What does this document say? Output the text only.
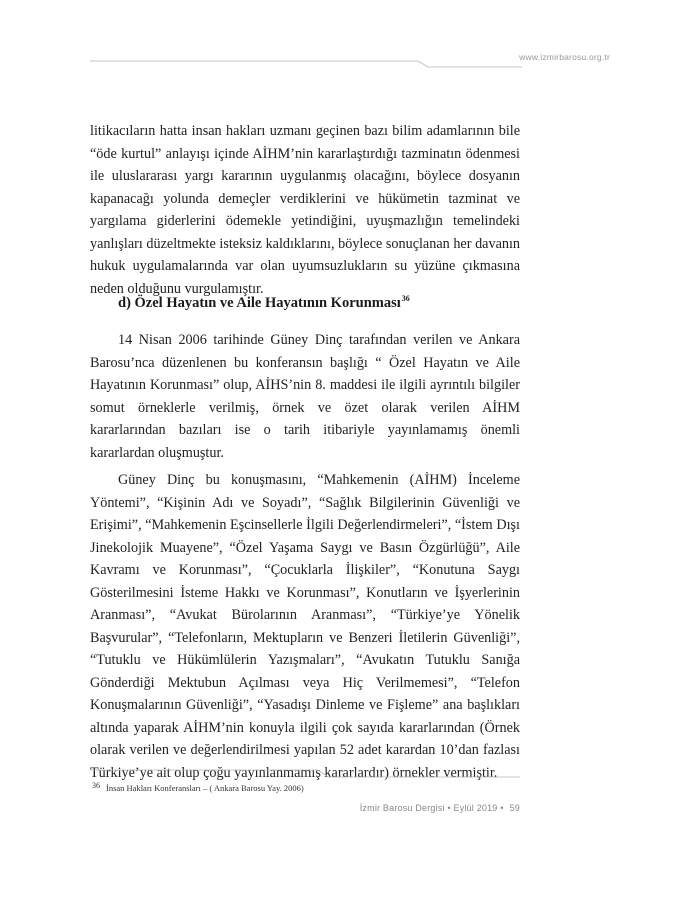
www.izmirbarosu.org.tr

litikacıların hatta insan hakları uzmanı geçinen bazı bilim adamlarının bile “öde kurtul” anlayışı içinde AİHM’nin kararlaştırdığı tazminatın ödenmesi ile uluslararası yargı kararının uygulanmış olacağını, böylece dosyanın kapanacağı yolunda demeçler verdiklerini ve hükümetin tazminat ve yargılama giderlerini ödemekle yetindiğini, uyuşmazlığın temelindeki yanlışları düzeltmekte isteksiz kaldıklarını, böylece sonuçlanan her davanın hukuk uygulamalarında var olan uyumsuzlukların su yüzüne çıkmasına neden olduğunu vurgulamıştır.

d) Özel Hayatın ve Aile Hayatının Korunması$^{36}$

14 Nisan 2006 tarihinde Güney Dinç tarafından verilen ve Ankara Barosu’nca düzenlenen bu konferansın başlığı “ Özel Hayatın ve Aile Hayatının Korunması” olup, AİHS’nin 8. maddesi ile ilgili ayrıntılı bilgiler somut örneklerle verilmiş, örnek ve özet olarak verilen AİHM kararlarından bazıları ise o tarih itibariyle yayınlamamış önemli kararlardan oluşmuştur.

Güney Dinç bu konuşmasını, “Mahkemenin (AİHM) İnceleme Yöntemi”, “Kişinin Adı ve Soyadı”, “Sağlık Bilgilerinin Güvenliği ve Erişimi”, “Mahkemenin Eşcinsellerle İlgili Değerlendirmeleri”, “İstem Dışı Jinekolojik Muayene”, “Özel Yaşama Saygı ve Basın Özgürlüğü”, Aile Kavramı ve Korunması”, “Çocuklarla İlişkiler”, “Konutuna Saygı Gösterilmesini İsteme Hakkı ve Korunması”, Konutların ve İşyerlerinin Aranması”, “Avukat Bürolarının Aranması”, “Türkiye’ye Yönelik Başvurular”, “Telefonların, Mektupların ve Benzeri İletilerin Güvenliği”, “Tutuklu ve Hükümlülerin Yazışmaları”, “Avukatın Tutuklu Sanığa Gönderdiği Mektubun Açılması veya Hiç Verilmemesi”, “Telefon Konuşmalarının Güvenliği”, “Yasadışı Dinleme ve Fişleme” ana başlıkları altında yaparak AİHM’nin konuyla ilgili çok sayıda kararlarından (Örnek olarak verilen ve değerlendirilmesi yapılan 52 adet karardan 10’dan fazlası Türkiye’ye ait olup çoğu yayınlanmamış kararlardır) örnekler vermiştir.

$^{36}$ İnsan Hakları Konferansları – ( Ankara Barosu Yay. 2006)
İzmir Barosu Dergisi • Eylül 2019 • 59
